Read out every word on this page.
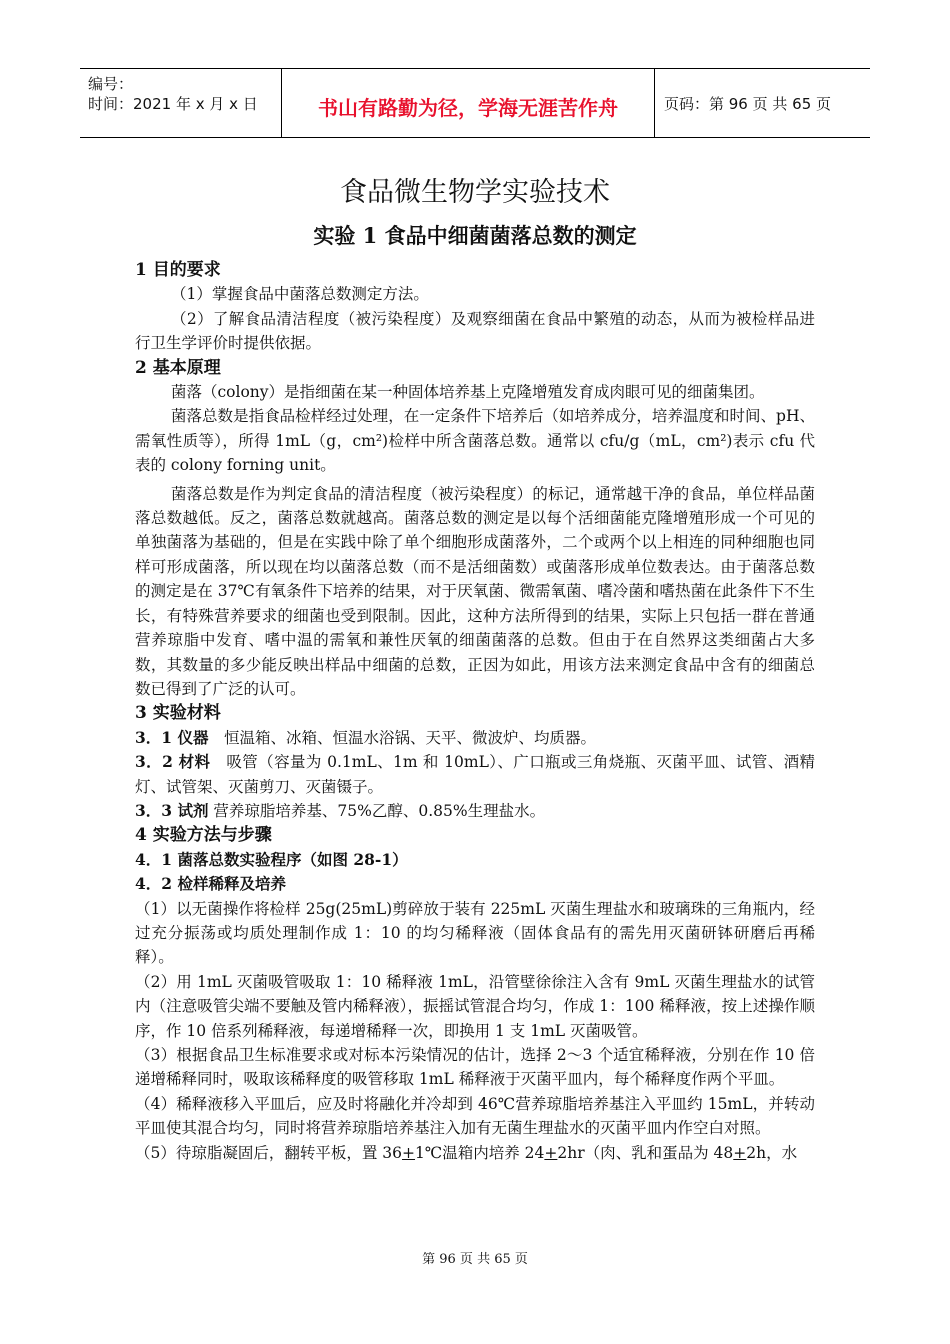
编号：
时间：2021 年 x 月 x 日	书山有路勤为径，学海无涯苦作舟	页码：第 96 页 共 65 页
食品微生物学实验技术
实验 1 食品中细菌菌落总数的测定

1 目的要求

（1）掌握食品中菌落总数测定方法。

（2）了解食品清洁程度（被污染程度）及观察细菌在食品中繁殖的动态，从而为被检样品进行卫生学评价时提供依据。

2 基本原理

菌落（colony）是指细菌在某一种固体培养基上克隆增殖发育成肉眼可见的细菌集团。

菌落总数是指食品检样经过处理，在一定条件下培养后（如培养成分，培养温度和时间、pH、需氧性质等），所得 1mL（g，cm²)检样中所含菌落总数。通常以 cfu/g（mL，cm²)表示 cfu 代表的 colony forning unit。

菌落总数是作为判定食品的清洁程度（被污染程度）的标记，通常越干净的食品，单位样品菌落总数越低。反之，菌落总数就越高。菌落总数的测定是以每个活细菌能克隆增殖形成一个可见的单独菌落为基础的，但是在实践中除了单个细胞形成菌落外，二个或两个以上相连的同种细胞也同样可形成菌落，所以现在均以菌落总数（而不是活细菌数）或菌落形成单位数表达。由于菌落总数的测定是在 37℃有氧条件下培养的结果，对于厌氧菌、微需氧菌、嗜冷菌和嗜热菌在此条件下不生长，有特殊营养要求的细菌也受到限制。因此，这种方法所得到的结果，实际上只包括一群在普通营养琼脂中发育、嗜中温的需氧和兼性厌氧的细菌菌落的总数。但由于在自然界这类细菌占大多数，其数量的多少能反映出样品中细菌的总数，正因为如此，用该方法来测定食品中含有的细菌总数已得到了广泛的认可。

3 实验材料

3．1 仪器　 恒温箱、冰箱、恒温水浴锅、天平、微波炉、均质器。

3．2 材料　 吸管（容量为 0.1mL、1m 和 10mL）、广口瓶或三角烧瓶、灭菌平皿、试管、酒精灯、试管架、灭菌剪刀、灭菌镊子。

3．3 试剂 营养琼脂培养基、75%乙醇、0.85%生理盐水。

4 实验方法与步骤

4．1 菌落总数实验程序（如图 28-1）

4．2 检样稀释及培养

（1）以无菌操作将检样 25g(25mL)剪碎放于装有 225mL 灭菌生理盐水和玻璃珠的三角瓶内，经过充分振荡或均质处理制作成 1：10 的均匀稀释液（固体食品有的需先用灭菌研钵研磨后再稀释）。

（2）用 1mL 灭菌吸管吸取 1：10 稀释液 1mL，沿管壁徐徐注入含有 9mL 灭菌生理盐水的试管内（注意吸管尖端不要触及管内稀释液），振摇试管混合均匀，作成 1：100 稀释液，按上述操作顺序，作 10 倍系列稀释液，每递增稀释一次，即换用 1 支 1mL 灭菌吸管。

（3）根据食品卫生标准要求或对标本污染情况的估计，选择 2～3 个适宜稀释液，分别在作 10 倍递增稀释同时，吸取该稀释度的吸管移取 1mL 稀释液于灭菌平皿内，每个稀释度作两个平皿。

（4）稀释液移入平皿后，应及时将融化并冷却到 46℃营养琼脂培养基注入平皿约 15mL，并转动平皿使其混合均匀，同时将营养琼脂培养基注入加有无菌生理盐水的灭菌平皿内作空白对照。

（5）待琼脂凝固后，翻转平板，置 36+1℃温箱内培养 24+2hr（肉、乳和蛋品为 48+2h，水

第 96 页 共 65 页
